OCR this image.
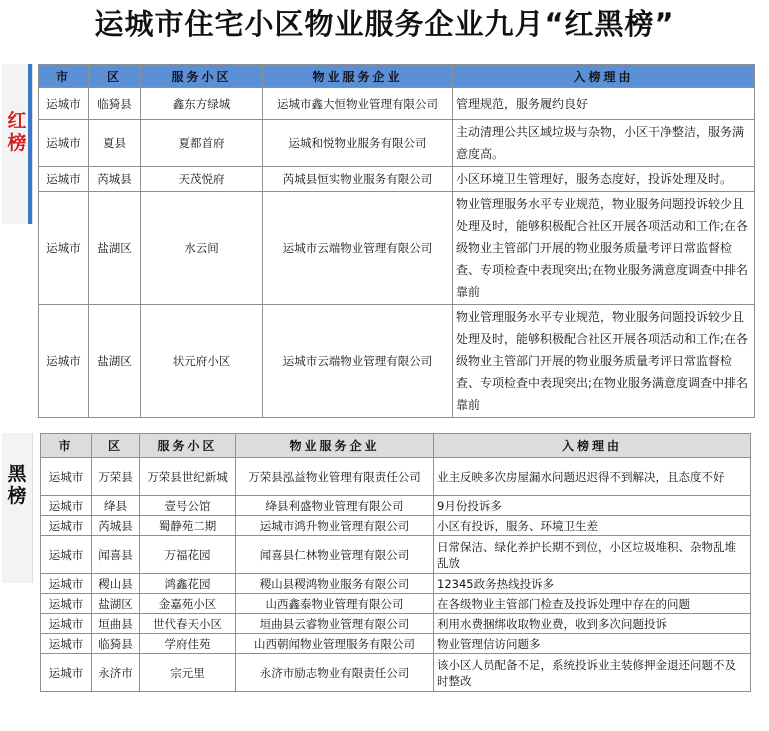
运城市住宅小区物业服务企业九月“红黑榜”
红榜
市	区	服务小区	物业服务企业	入榜理由
运城市	临猗县	鑫东方绿城	运城市鑫大恒物业管理有限公司	管理规范，服务履约良好
运城市	夏县	夏都首府	运城和悦物业服务有限公司	主动清理公共区域垃圾与杂物，小区干净整洁，服务满意度高。
运城市	芮城县	天茂悦府	芮城县恒实物业服务有限公司	小区环境卫生管理好，服务态度好，投诉处理及时。
运城市	盐湖区	水云间	运城市云端物业管理有限公司	物业管理服务水平专业规范，物业服务问题投诉较少且处理及时，能够积极配合社区开展各项活动和工作;在各级物业主管部门开展的物业服务质量考评日常监督检查、专项检查中表现突出;在物业服务满意度调查中排名靠前
运城市	盐湖区	状元府小区	运城市云端物业管理有限公司	物业管理服务水平专业规范，物业服务问题投诉较少且处理及时，能够积极配合社区开展各项活动和工作;在各级物业主管部门开展的物业服务质量考评日常监督检查、专项检查中表现突出;在物业服务满意度调查中排名靠前
黑榜
市	区	服务小区	物业服务企业	入榜理由
运城市	万荣县	万荣县世纪新城	万荣县泓益物业管理有限责任公司	业主反映多次房屋漏水问题迟迟得不到解决，且态度不好
运城市	绛县	壹号公馆	绛县利盛物业管理有限公司	9月份投诉多
运城市	芮城县	蜀静苑二期	运城市鸿升物业管理有限公司	小区有投诉，服务、环境卫生差
运城市	闻喜县	万福花园	闻喜县仁林物业管理有限公司	日常保洁、绿化养护长期不到位，小区垃圾堆积、杂物乱堆乱放
运城市	稷山县	鸿鑫花园	稷山县稷鸿物业服务有限公司	12345政务热线投诉多
运城市	盐湖区	金嘉苑小区	山西鑫泰物业管理有限公司	在各级物业主管部门检查及投诉处理中存在的问题
运城市	垣曲县	世代春天小区	垣曲县云睿物业管理有限公司	利用水费捆绑收取物业费，收到多次问题投诉
运城市	临猗县	学府佳苑	山西朝闻物业管理服务有限公司	物业管理信访问题多
运城市	永济市	宗元里	永济市励志物业有限责任公司	该小区人员配备不足，系统投诉业主装修押金退还问题不及时整改
